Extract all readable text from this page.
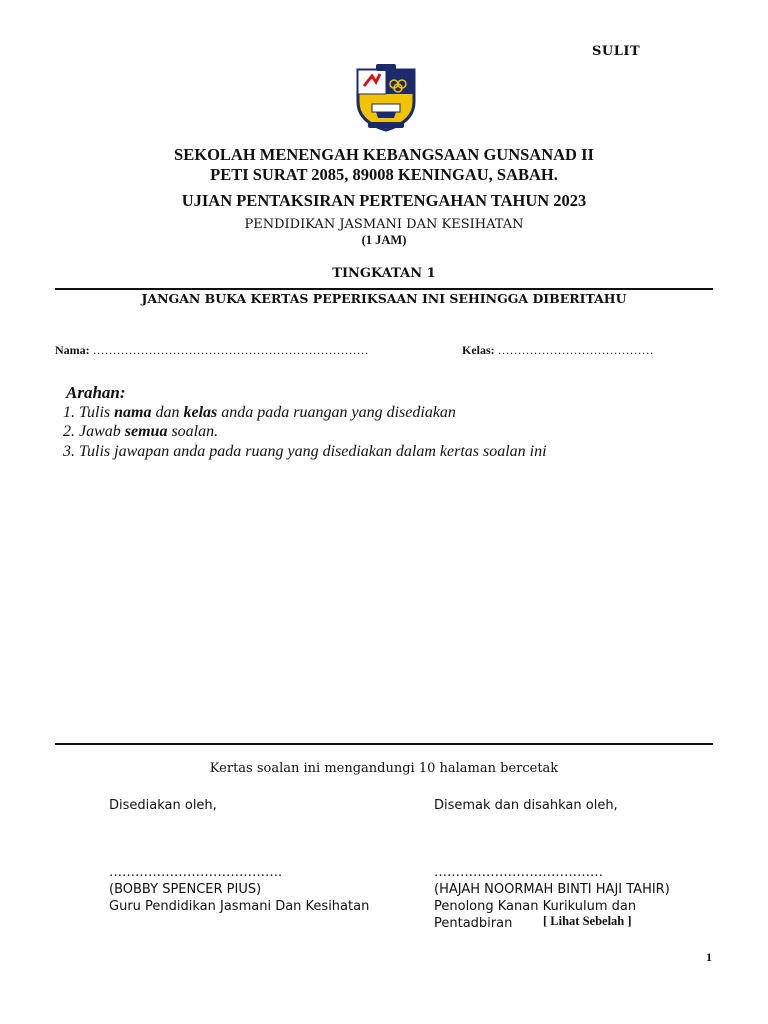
SULIT
SEKOLAH MENENGAH KEBANGSAAN GUNSANAD II
PETI SURAT 2085, 89008 KENINGAU, SABAH.
UJIAN PENTAKSIRAN PERTENGAHAN TAHUN 2023
PENDIDIKAN JASMANI DAN KESIHATAN
(1 JAM)
TINGKATAN 1
JANGAN BUKA KERTAS PEPERIKSAAN INI SEHINGGA DIBERITAHU
Nama: ……………………………………………………………	Kelas: …………………………………
Arahan:
1. Tulis nama dan kelas anda pada ruangan yang disediakan
2. Jawab semua soalan.
3. Tulis jawapan anda pada ruang yang disediakan dalam kertas soalan ini
Kertas soalan ini mengandungi 10 halaman bercetak
Disediakan oleh,
………………………………….
(BOBBY SPENCER PIUS)
Guru Pendidikan Jasmani Dan Kesihatan
Disemak dan disahkan oleh,
…………………………………
(HAJAH NOORMAH BINTI HAJI TAHIR)
Penolong Kanan Kurikulum dan
Pentadbiran	[ Lihat Sebelah ]
1
